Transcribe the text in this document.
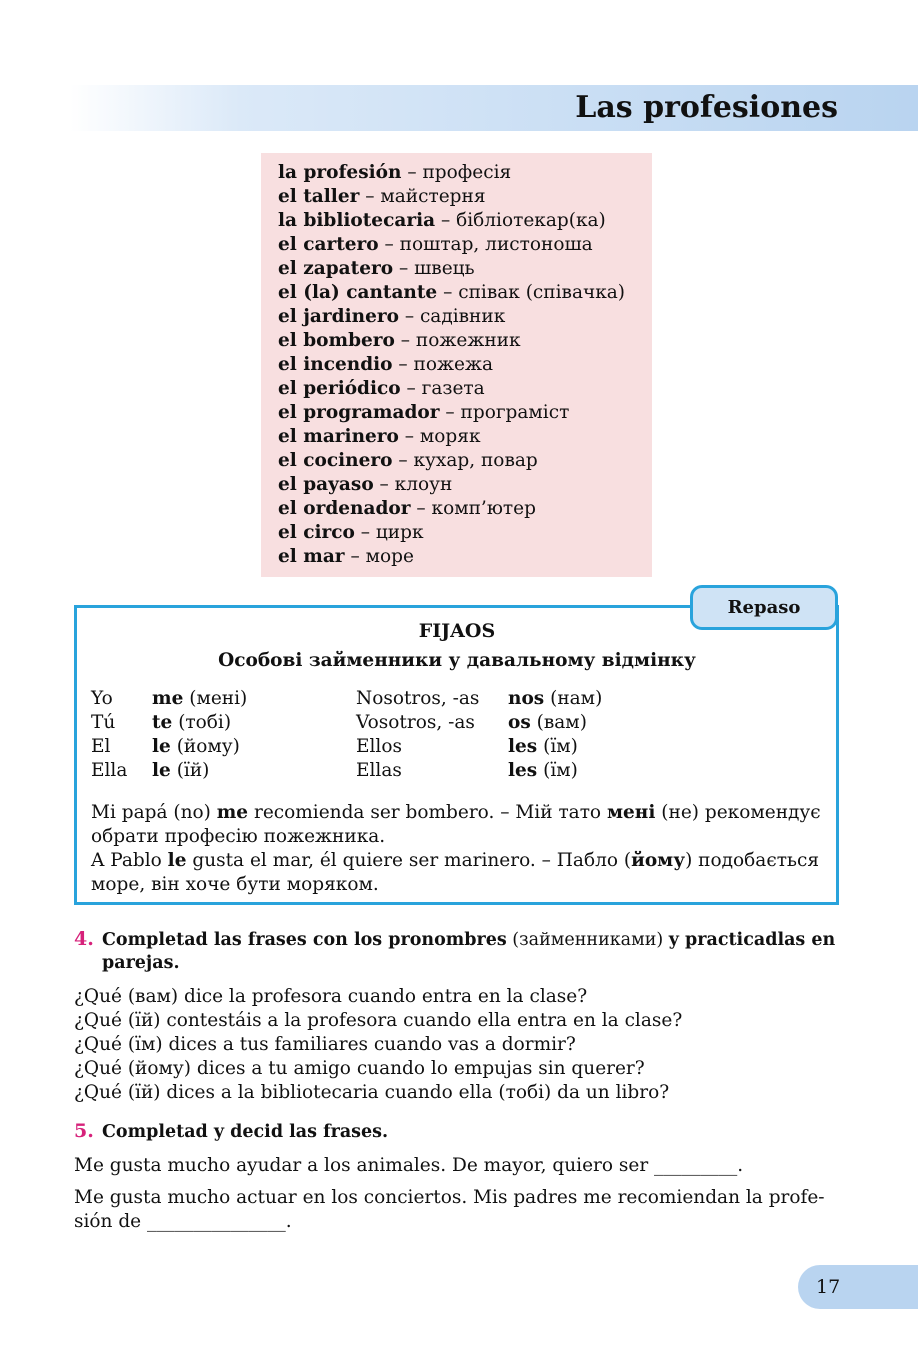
Las profesiones
la profesión – професія
el taller – майстерня
la bibliotecaria – бібліотекар(ка)
el cartero – поштар, листоноша
el zapatero – швець
el (la) cantante – співак (співачка)
el jardinero – садівник
el bombero – пожежник
el incendio – пожежа
el periódico – газета
el programador – програміст
el marinero – моряк
el cocinero – кухар, повар
el payaso – клоун
el ordenador – комп’ютер
el circo – цирк
el mar – море
FIJAOS
Особові займенники у давальному відмінку
Yo me (мені)	Nosotros, -as nos (нам)
Tú te (тобі)	Vosotros, -as os (вам)
El le (йому)	Ellos	les (їм)
Ella le (їй)	Ellas	les (їм)
Mi papá (no) me recomienda ser bombero. – Мій тато мені (не) рекомендує обрати професію пожежника.
A Pablo le gusta el mar, él quiere ser marinero. – Пабло (йому) подобається море, він хоче бути моряком.
Repaso
4. Completad las frases con los pronombres (займенниками) y practicadlas en parejas.
¿Qué (вам) dice la profesora cuando entra en la clase?
¿Qué (їй) contestáis a la profesora cuando ella entra en la clase?
¿Qué (їм) dices a tus familiares cuando vas a dormir?
¿Qué (йому) dices a tu amigo cuando lo empujas sin querer?
¿Qué (їй) dices a la bibliotecaria cuando ella (тобі) da un libro?
5. Completad y decid las frases.
Me gusta mucho ayudar a los animales. De mayor, quiero ser _________.
Me gusta mucho actuar en los conciertos. Mis padres me recomiendan la profe-
sión de _______________.
17
